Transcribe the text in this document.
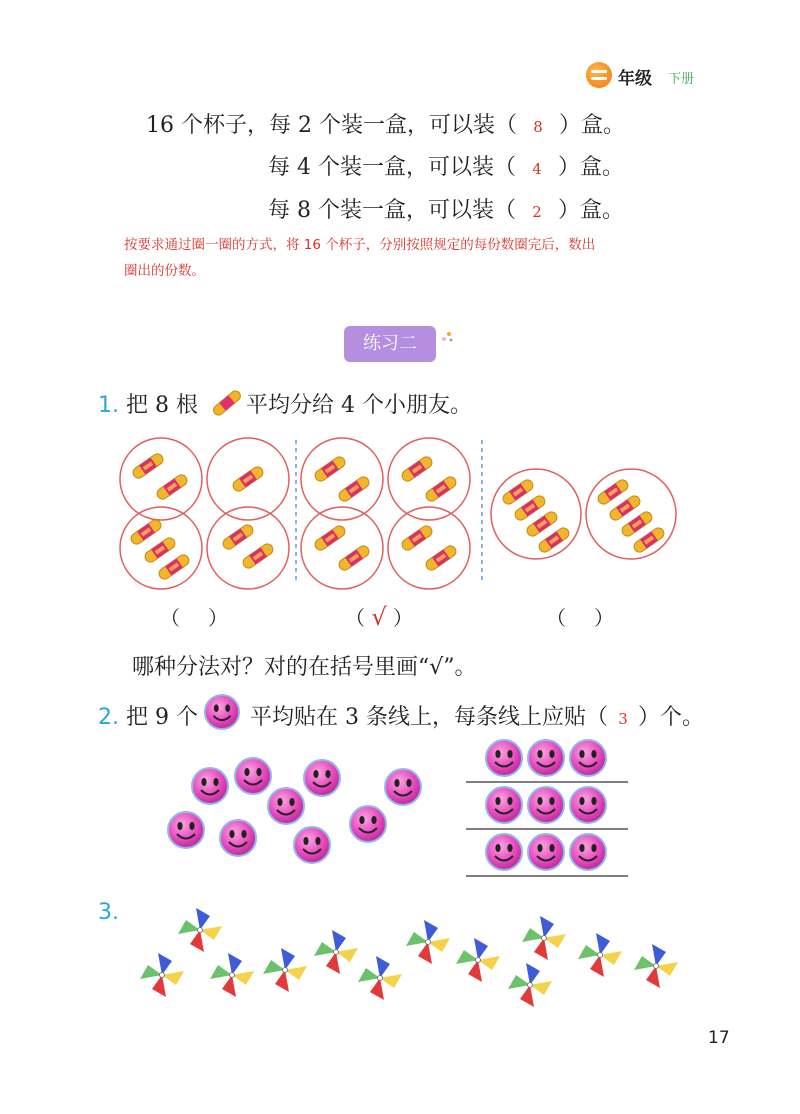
年级 下册
16 个杯子，每 2 个装一盒，可以装（ 8 ）盒。
每 4 个装一盒，可以装（ 4 ）盒。
每 8 个装一盒，可以装（ 2 ）盒。
按要求通过圈一圈的方式，将 16 个杯子，分别按照规定的每份数圈完后，数出
圈出的份数。
练习二
1. 把 8 根 平均分给 4 个小朋友。
（ ）	（ √ ）	（ ）
哪种分法对？对的在括号里画“√”。
2. 把 9 个 平均贴在 3 条线上，每条线上应贴（ 3 ）个。
3.
17
